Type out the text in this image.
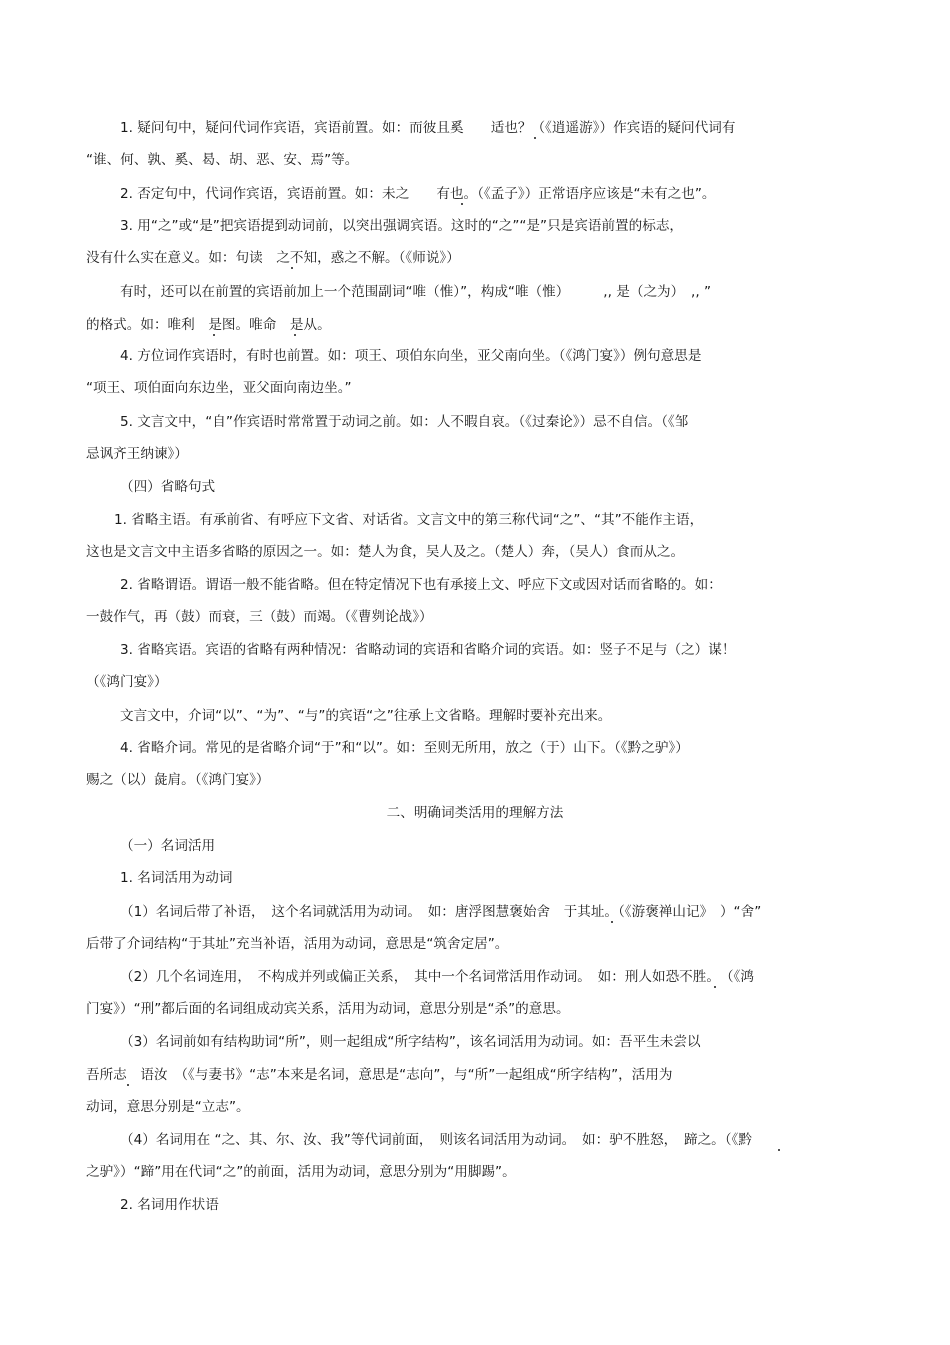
1. 疑问句中，疑问代词作宾语，宾语前置。如：而彼且奚　　适也？（《逍遥游》）作宾语的疑问代词有
“谁、何、孰、奚、曷、胡、恶、安、焉”等。
2. 否定句中，代词作宾语，宾语前置。如：未之　　有也。（《孟子》）正常语序应该是“未有之也”。
3. 用“之”或“是”把宾语提到动词前，以突出强调宾语。这时的“之”“是”只是宾语前置的标志，
没有什么实在意义。如：句读　之不知，惑之不解。（《师说》）
有时，还可以在前置的宾语前加上一个范围副词“唯（惟）”，构成“唯（惟）　　　,, 是（之为）　,, ”
的格式。如：唯利　是图。唯命　是从。
4. 方位词作宾语时，有时也前置。如：项王、项伯东向坐，亚父南向坐。（《鸿门宴》）例句意思是
“项王、项伯面向东边坐，亚父面向南边坐。”
5. 文言文中，“自”作宾语时常常置于动词之前。如：人不暇自哀。（《过秦论》）忌不自信。（《邹
忌讽齐王纳谏》）
（四）省略句式
1. 省略主语。有承前省、有呼应下文省、对话省。文言文中的第三称代词“之”、“其”不能作主语，
这也是文言文中主语多省略的原因之一。如：楚人为食，吴人及之。（楚人）奔，（吴人）食而从之。
2. 省略谓语。谓语一般不能省略。但在特定情况下也有承接上文、呼应下文或因对话而省略的。如：
一鼓作气，再（鼓）而衰，三（鼓）而竭。（《曹刿论战》）
3. 省略宾语。宾语的省略有两种情况：省略动词的宾语和省略介词的宾语。如：竖子不足与（之）谋！
（《鸿门宴》）
文言文中，介词“以”、“为”、“与”的宾语“之”往承上文省略。理解时要补充出来。
4. 省略介词。常见的是省略介词“于”和“以”。如：至则无所用，放之（于）山下。（《黔之驴》）
赐之（以）彘肩。（《鸿门宴》）
二、明确词类活用的理解方法
（一）名词活用
1. 名词活用为动词
（1）名词后带了补语，　这个名词就活用为动词。　如：唐浮图慧褒始舍　于其址。（《游褒禅山记》　）“舍”
后带了介词结构“于其址”充当补语，活用为动词，意思是“筑舍定居”。
（2）几个名词连用，　不构成并列或偏正关系，　其中一个名词常活用作动词。　如：刑人如恐不胜。　（《鸿
门宴》）“刑”都后面的名词组成动宾关系，活用为动词，意思分别是“杀”的意思。
（3）名词前如有结构助词“所”，则一起组成“所字结构”，该名词活用为动词。如：吾平生未尝以
吾所志　语汝　（《与妻书》“志”本来是名词，意思是“志向”，与“所”一起组成“所字结构”，活用为
动词，意思分别是“立志”。
（4）名词用在 “之、其、尔、汝、我”等代词前面，　则该名词活用为动词。　如：驴不胜怒，　蹄之。（《黔
之驴》）“蹄”用在代词“之”的前面，活用为动词，意思分别为“用脚踢”。
2. 名词用作状语
